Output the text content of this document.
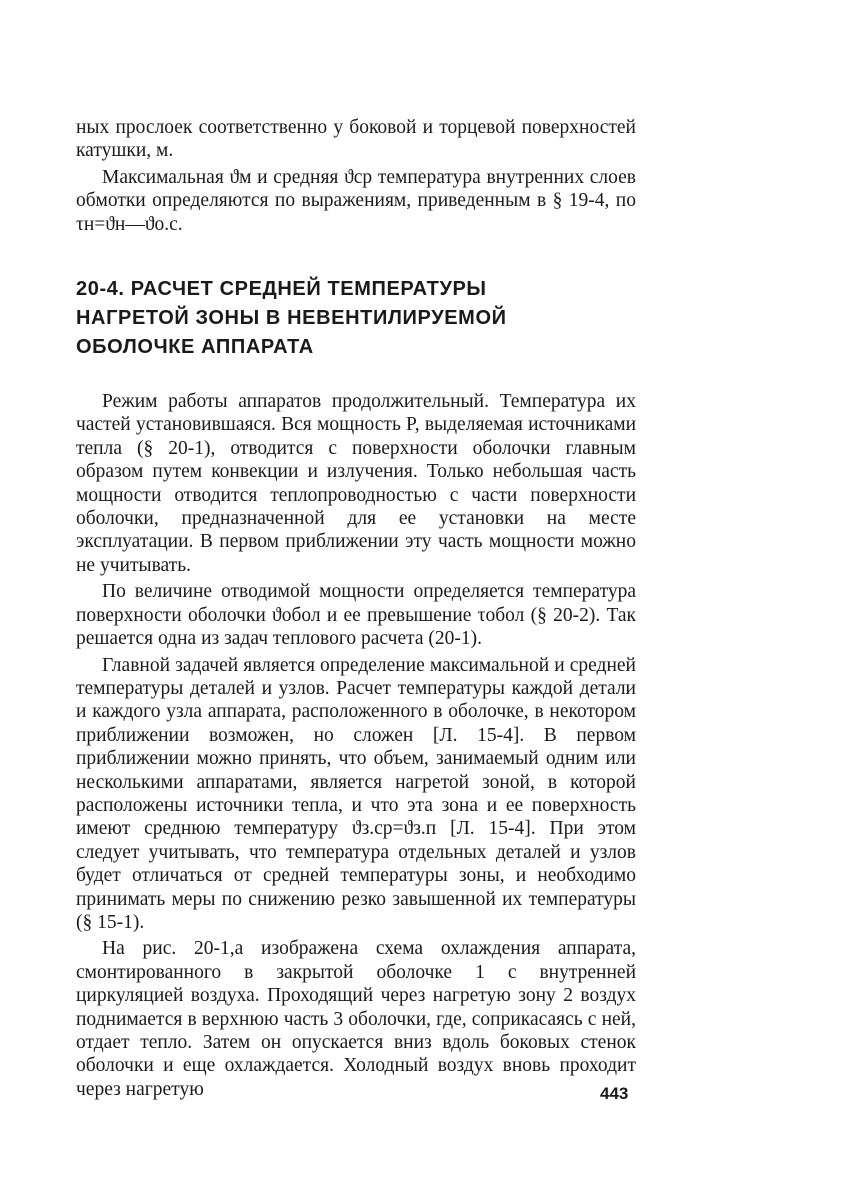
ных прослоек соответственно у боковой и торцевой поверхностей катушки, м.

Максимальная ϑм и средняя ϑср температура внутренних слоев обмотки определяются по выражениям, приведенным в § 19-4, по τн=ϑн—ϑо.с.

20-4. РАСЧЕТ СРЕДНЕЙ ТЕМПЕРАТУРЫ
НАГРЕТОЙ ЗОНЫ В НЕВЕНТИЛИРУЕМОЙ
ОБОЛОЧКЕ АППАРАТА

Режим работы аппаратов продолжительный. Температура их частей установившаяся. Вся мощность P, выделяемая источниками тепла (§ 20-1), отводится с поверхности оболочки главным образом путем конвекции и излучения. Только небольшая часть мощности отводится теплопроводностью с части поверхности оболочки, предназначенной для ее установки на месте эксплуатации. В первом приближении эту часть мощности можно не учитывать.

По величине отводимой мощности определяется температура поверхности оболочки ϑобол и ее превышение τобол (§ 20-2). Так решается одна из задач теплового расчета (20-1).

Главной задачей является определение максимальной и средней температуры деталей и узлов. Расчет температуры каждой детали и каждого узла аппарата, расположенного в оболочке, в некотором приближении возможен, но сложен [Л. 15-4]. В первом приближении можно принять, что объем, занимаемый одним или несколькими аппаратами, является нагретой зоной, в которой расположены источники тепла, и что эта зона и ее поверхность имеют среднюю температуру ϑз.ср=ϑз.п [Л. 15-4]. При этом следует учитывать, что температура отдельных деталей и узлов будет отличаться от средней температуры зоны, и необходимо принимать меры по снижению резко завышенной их температуры (§ 15-1).

На рис. 20-1,а изображена схема охлаждения аппарата, смонтированного в закрытой оболочке 1 с внутренней циркуляцией воздуха. Проходящий через нагретую зону 2 воздух поднимается в верхнюю часть 3 оболочки, где, соприкасаясь с ней, отдает тепло. Затем он опускается вниз вдоль боковых стенок оболочки и еще охлаждается. Холодный воздух вновь проходит через нагретую	443
